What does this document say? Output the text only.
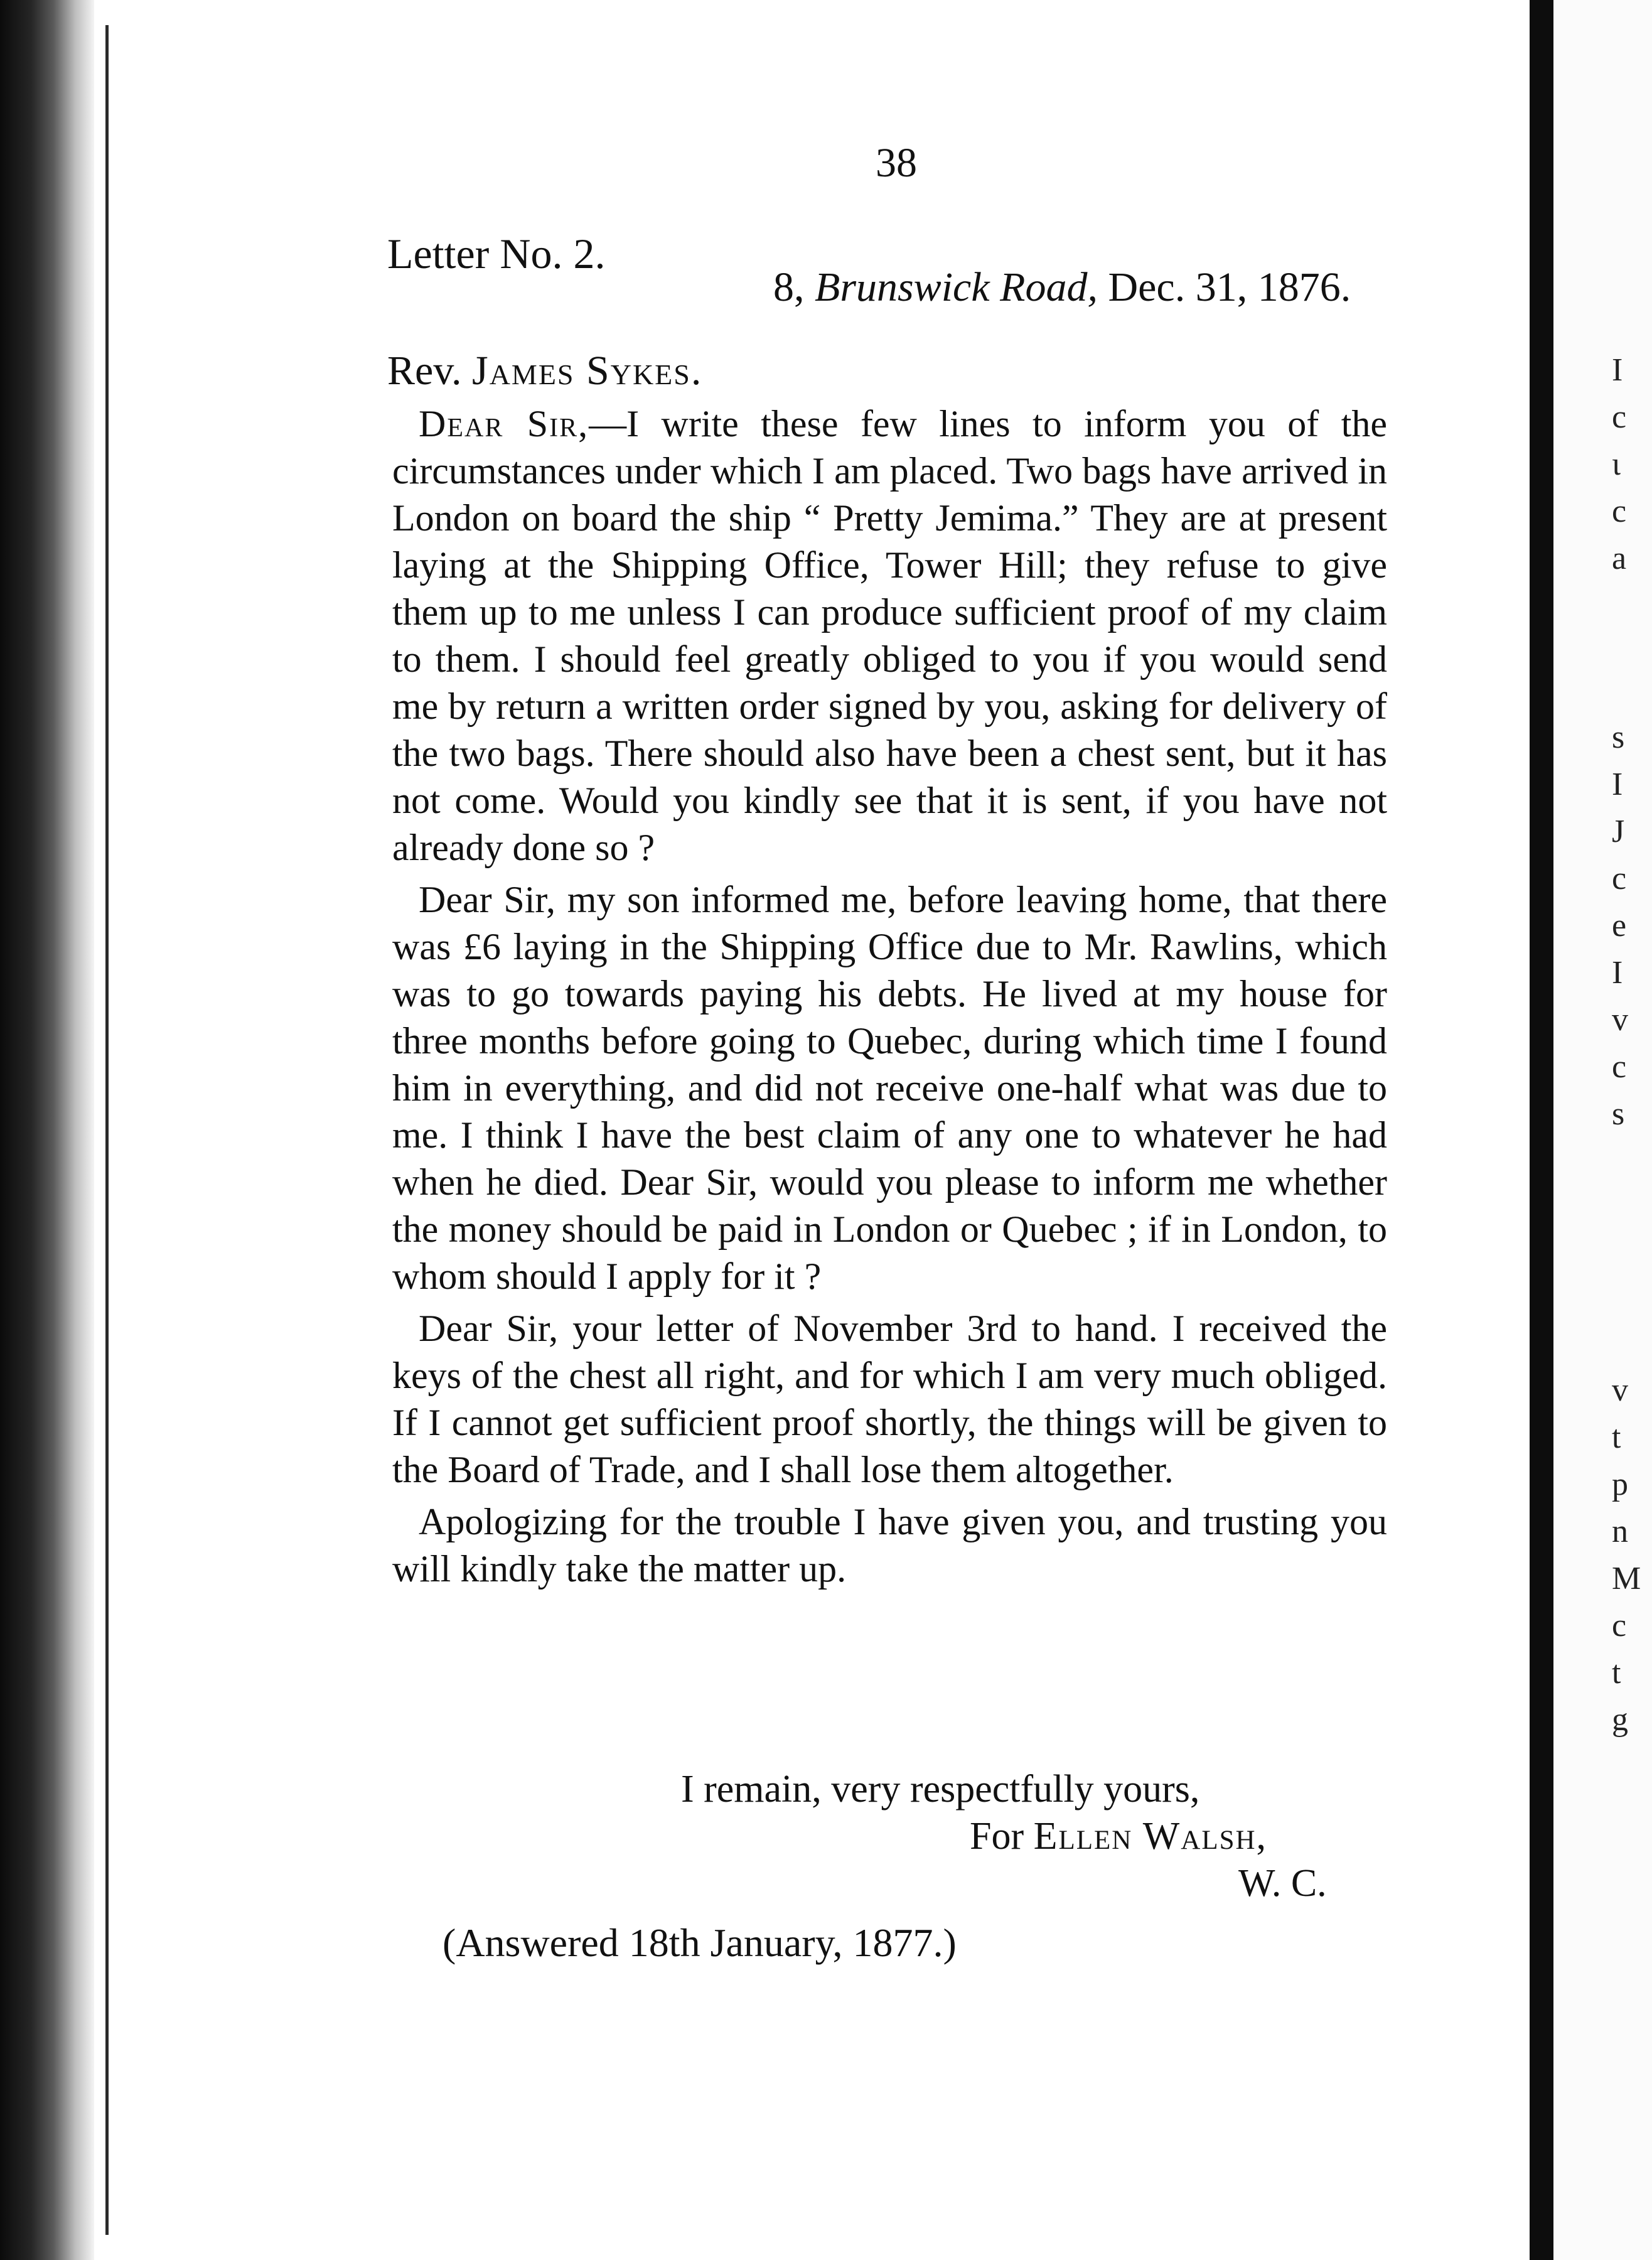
I
c
ι
c
a
s
I
J
c
e
I
v
c
s
v
t
p
n
M
c
t
g
38
Letter No. 2.
8, Brunswick Road, Dec. 31, 1876.
Rev. James Sykes.

Dear Sir,—I write these few lines to inform you of the circumstances under which I am placed. Two bags have arrived in London on board the ship “ Pretty Jemima.” They are at present laying at the Shipping Office, Tower Hill; they refuse to give them up to me unless I can produce sufficient proof of my claim to them. I should feel greatly obliged to you if you would send me by return a written order signed by you, asking for delivery of the two bags. There should also have been a chest sent, but it has not come. Would you kindly see that it is sent, if you have not already done so ?

Dear Sir, my son informed me, before leaving home, that there was £6 laying in the Shipping Office due to Mr. Rawlins, which was to go towards paying his debts. He lived at my house for three months before going to Quebec, during which time I found him in everything, and did not receive one-half what was due to me. I think I have the best claim of any one to whatever he had when he died. Dear Sir, would you please to inform me whether the money should be paid in London or Quebec ; if in London, to whom should I apply for it ?

Dear Sir, your letter of November 3rd to hand. I received the keys of the chest all right, and for which I am very much obliged. If I cannot get sufficient proof shortly, the things will be given to the Board of Trade, and I shall lose them altogether.

Apologizing for the trouble I have given you, and trusting you will kindly take the matter up.

I remain, very respectfully yours,
For Ellen Walsh,
W. C.
(Answered 18th January, 1877.)
